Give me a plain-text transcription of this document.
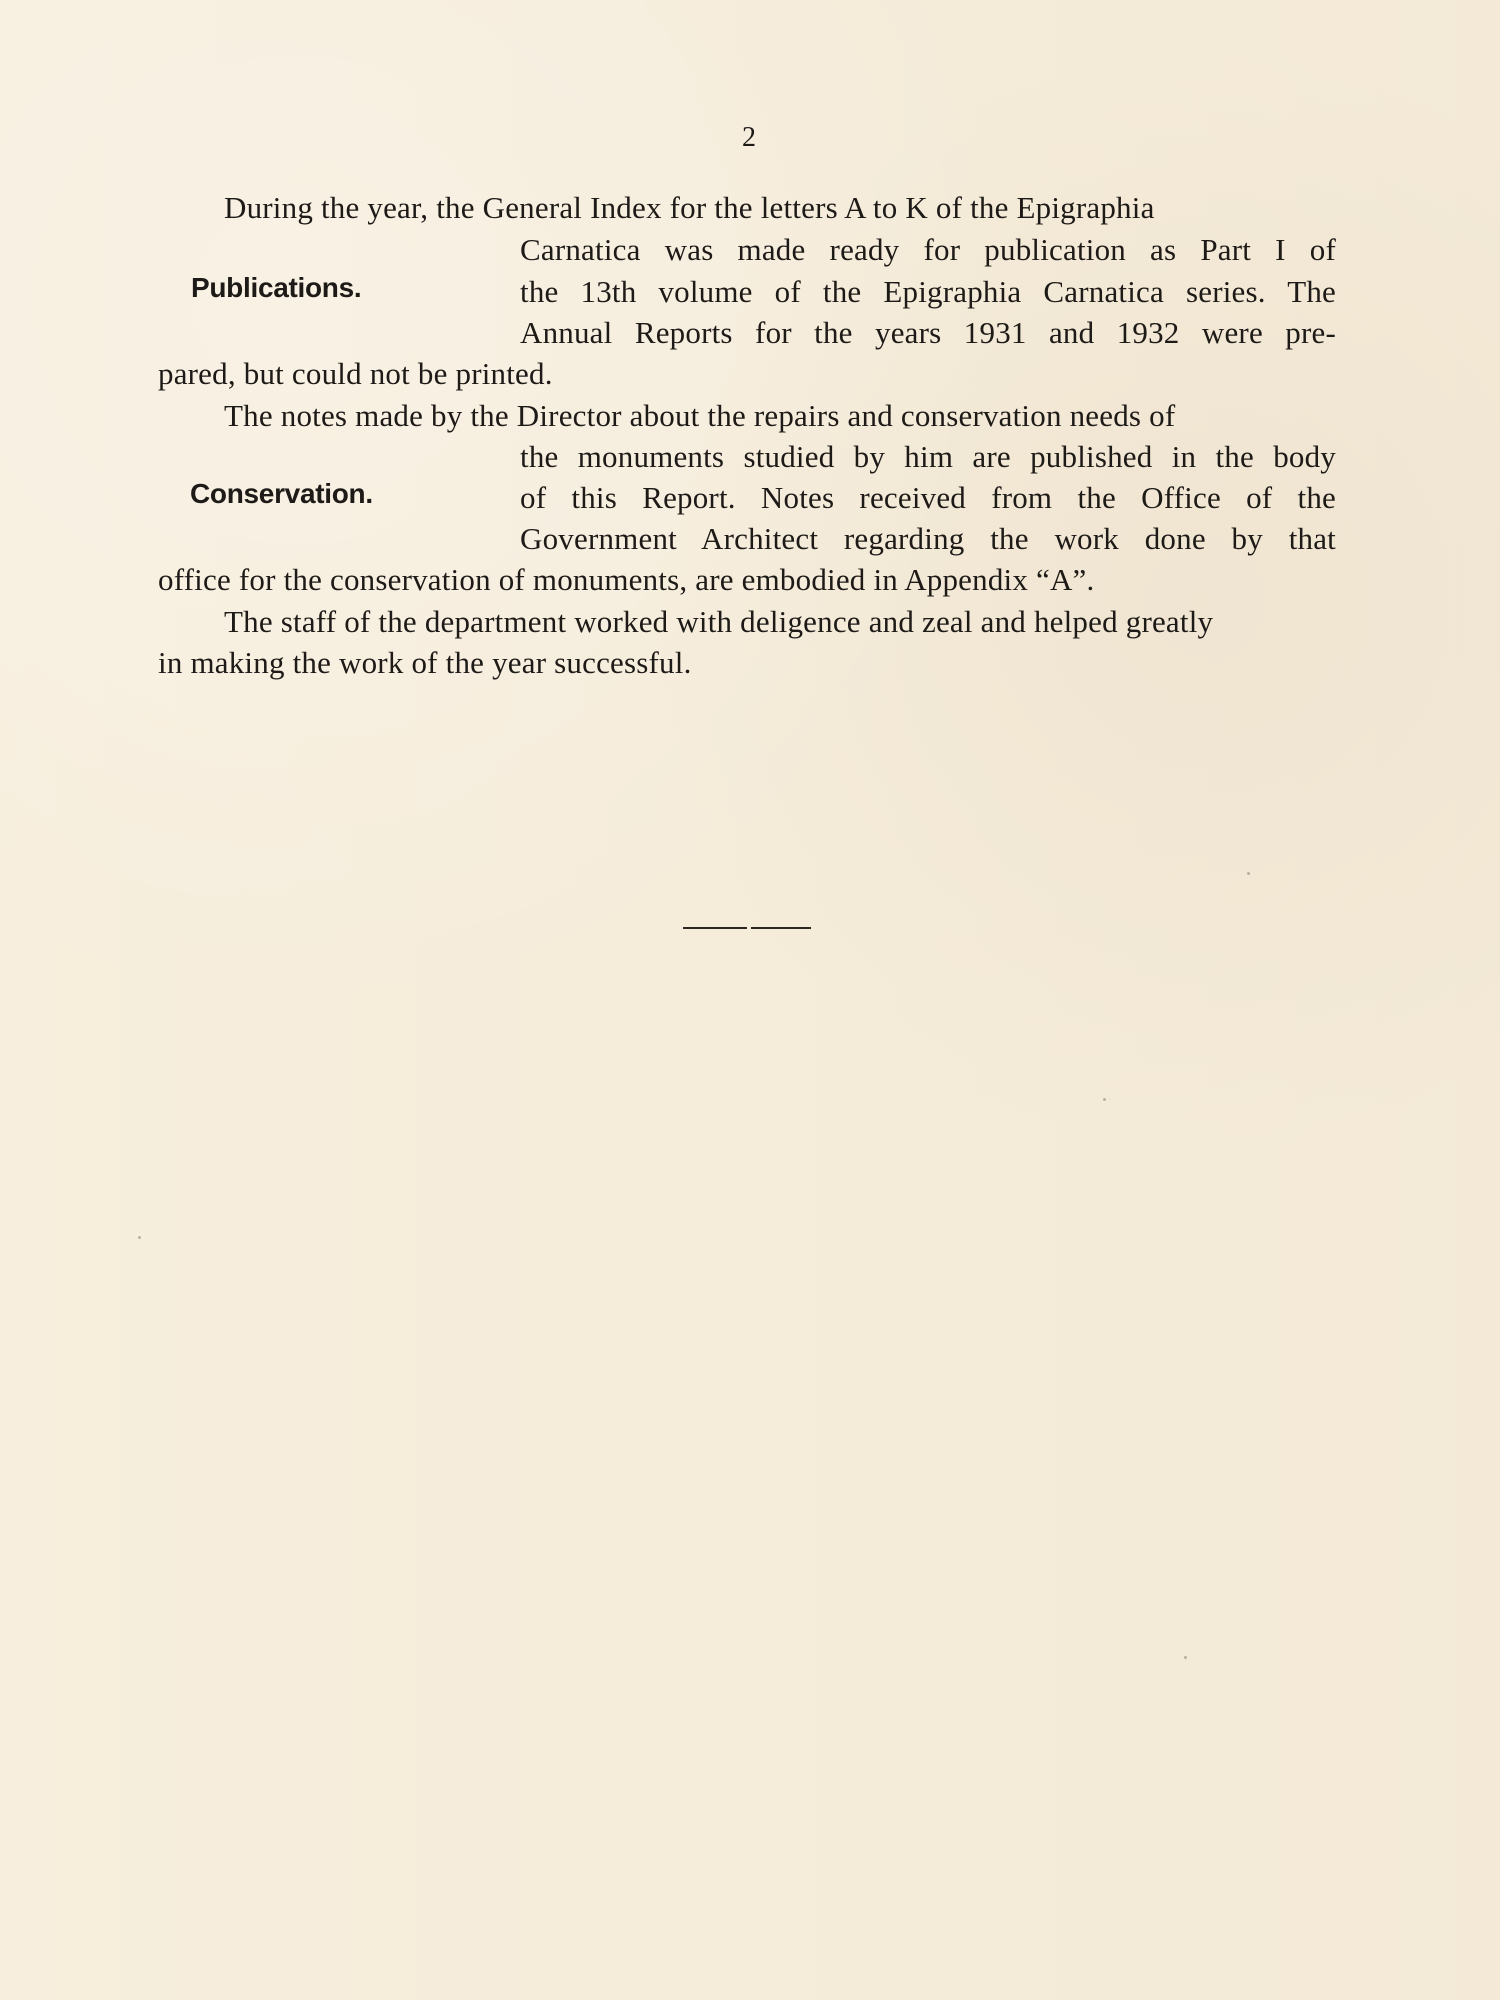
2
During the year, the General Index for the letters A to K of the Epigraphia
Carnatica was made ready for publication as Part I of
Publications.	the 13th volume of the Epigraphia Carnatica series. The
Annual Reports for the years 1931 and 1932 were pre-
pared, but could not be printed.
The notes made by the Director about the repairs and conservation needs of
the monuments studied by him are published in the body
Conservation.	of this Report. Notes received from the Office of the
Government Architect regarding the work done by that
office for the conservation of monuments, are embodied in Appendix “A”.
The staff of the department worked with deligence and zeal and helped greatly
in making the work of the year successful.
